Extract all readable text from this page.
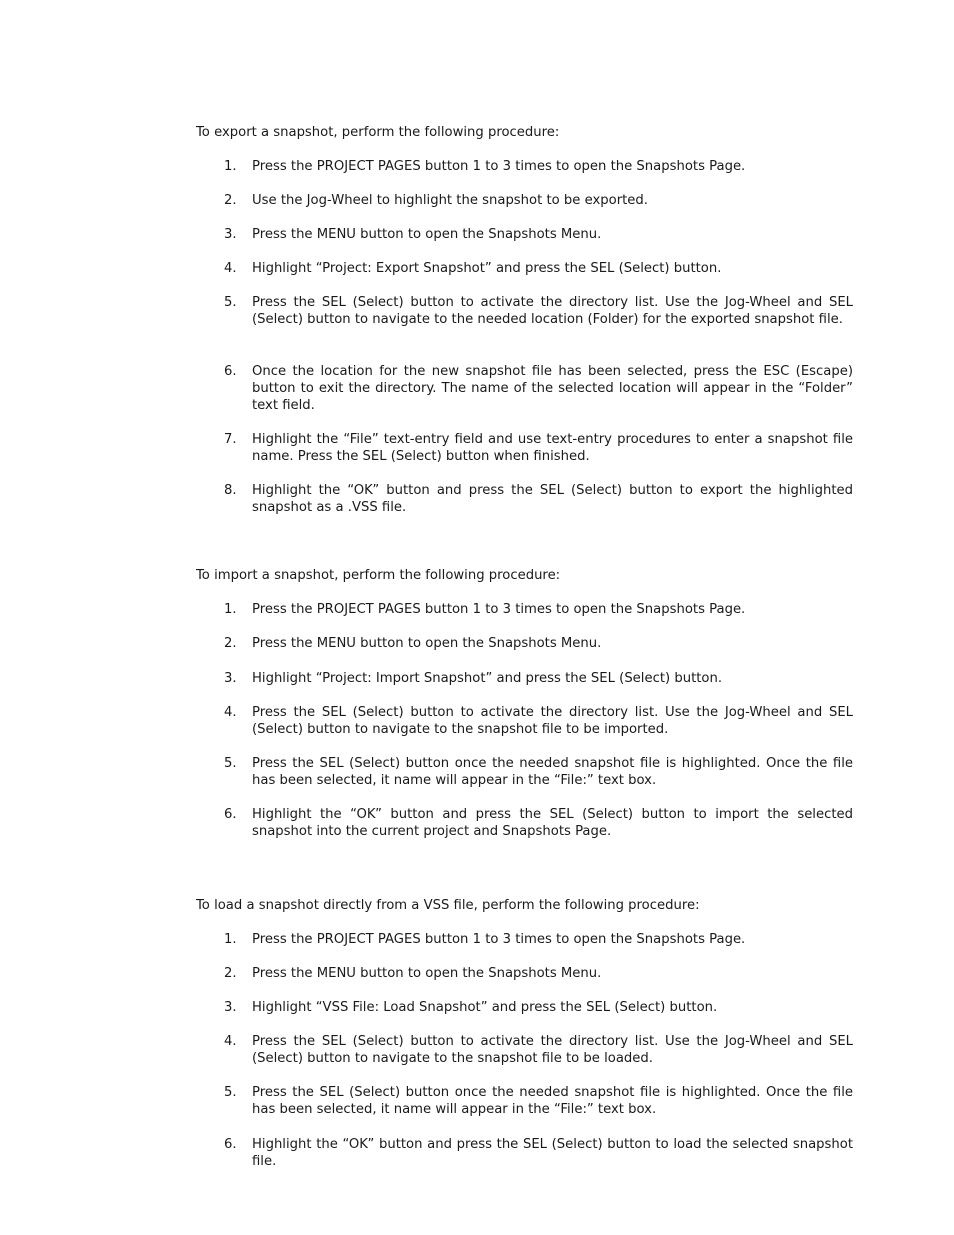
To export a snapshot, perform the following procedure:

1. Press the PROJECT PAGES button 1 to 3 times to open the Snapshots Page.
2. Use the Jog-Wheel to highlight the snapshot to be exported.
3. Press the MENU button to open the Snapshots Menu.
4. Highlight “Project: Export Snapshot” and press the SEL (Select) button.
5. Press the SEL (Select) button to activate the directory list. Use the Jog-Wheel and SEL (Select) button to navigate to the needed location (Folder) for the exported snapshot file.
6. Once the location for the new snapshot file has been selected, press the ESC (Escape) button to exit the directory. The name of the selected location will appear in the “Folder” text field.
7. Highlight the “File” text-entry field and use text-entry procedures to enter a snapshot file name. Press the SEL (Select) button when finished.
8. Highlight the “OK” button and press the SEL (Select) button to export the highlighted snapshot as a .VSS file.

To import a snapshot, perform the following procedure:

1. Press the PROJECT PAGES button 1 to 3 times to open the Snapshots Page.
2. Press the MENU button to open the Snapshots Menu.
3. Highlight “Project: Import Snapshot” and press the SEL (Select) button.
4. Press the SEL (Select) button to activate the directory list. Use the Jog-Wheel and SEL (Select) button to navigate to the snapshot file to be imported.
5. Press the SEL (Select) button once the needed snapshot file is highlighted. Once the file has been selected, it name will appear in the “File:” text box.
6. Highlight the “OK” button and press the SEL (Select) button to import the selected snapshot into the current project and Snapshots Page.

To load a snapshot directly from a VSS file, perform the following procedure:

1. Press the PROJECT PAGES button 1 to 3 times to open the Snapshots Page.
2. Press the MENU button to open the Snapshots Menu.
3. Highlight “VSS File: Load Snapshot” and press the SEL (Select) button.
4. Press the SEL (Select) button to activate the directory list. Use the Jog-Wheel and SEL (Select) button to navigate to the snapshot file to be loaded.
5. Press the SEL (Select) button once the needed snapshot file is highlighted. Once the file has been selected, it name will appear in the “File:” text box.
6. Highlight the “OK” button and press the SEL (Select) button to load the selected snapshot file.
